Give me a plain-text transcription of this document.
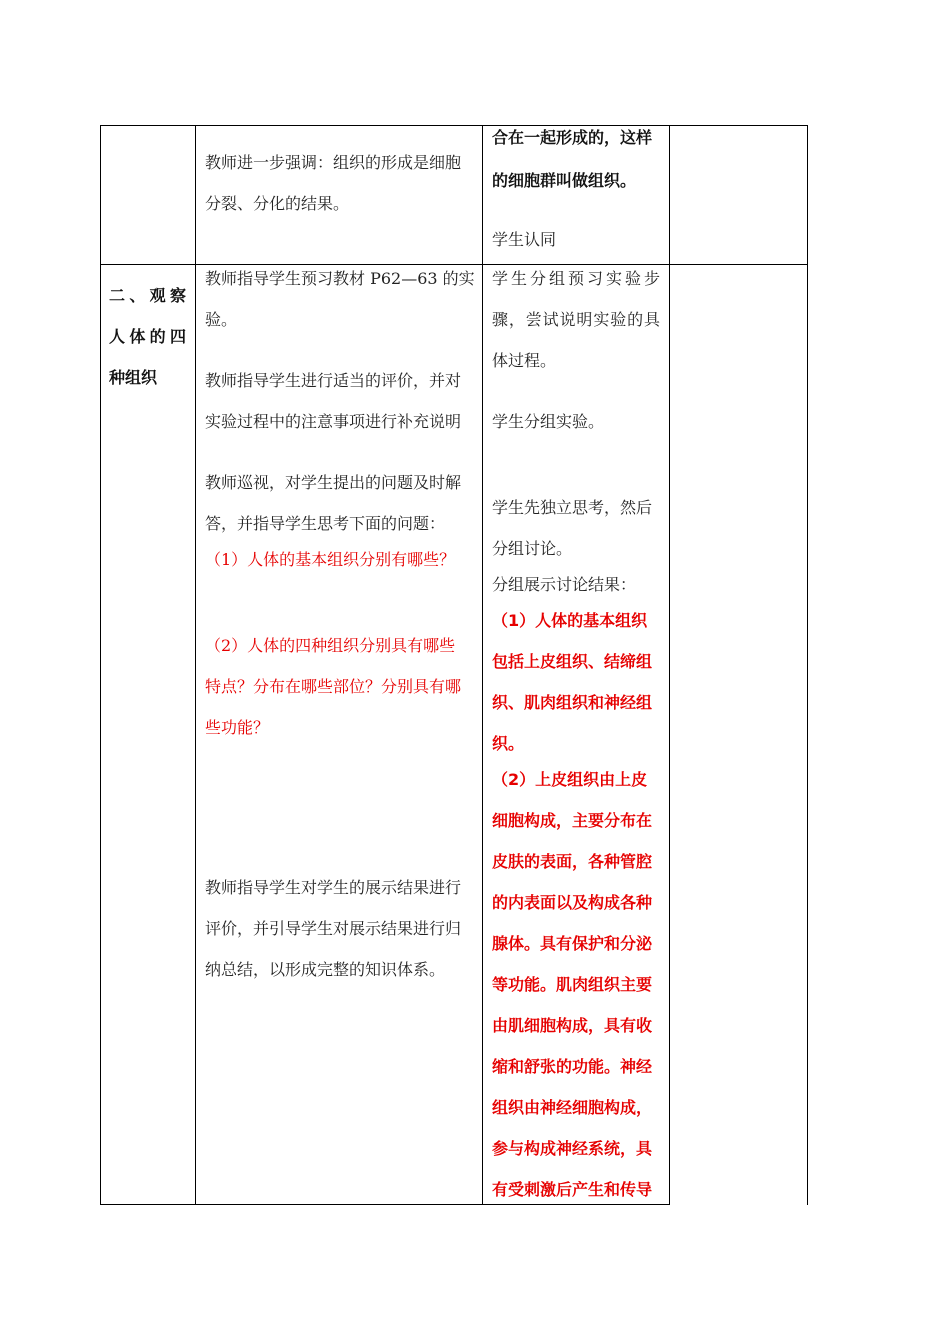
教师进一步强调：组织的形成是细胞

分裂、分化的结果。

合在一起形成的，这样

的细胞群叫做组织。

学生认同

二、观察

人体的四

种组织

教师指导学生预习教材 P62—63 的实

验。

教师指导学生进行适当的评价，并对

实验过程中的注意事项进行补充说明

教师巡视，对学生提出的问题及时解

答，并指导学生思考下面的问题：

（1）人体的基本组织分别有哪些？

（2）人体的四种组织分别具有哪些

特点？分布在哪些部位？分别具有哪

些功能？

教师指导学生对学生的展示结果进行

评价，并引导学生对展示结果进行归

纳总结，以形成完整的知识体系。

学生分组预习实验步

骤，尝试说明实验的具

体过程。

学生分组实验。

学生先独立思考，然后

分组讨论。

分组展示讨论结果：

（1）人体的基本组织

包括上皮组织、结缔组

织、肌肉组织和神经组

织。

（2）上皮组织由上皮

细胞构成，主要分布在

皮肤的表面，各种管腔

的内表面以及构成各种

腺体。具有保护和分泌

等功能。肌肉组织主要

由肌细胞构成，具有收

缩和舒张的功能。神经

组织由神经细胞构成，

参与构成神经系统，具

有受刺激后产生和传导
